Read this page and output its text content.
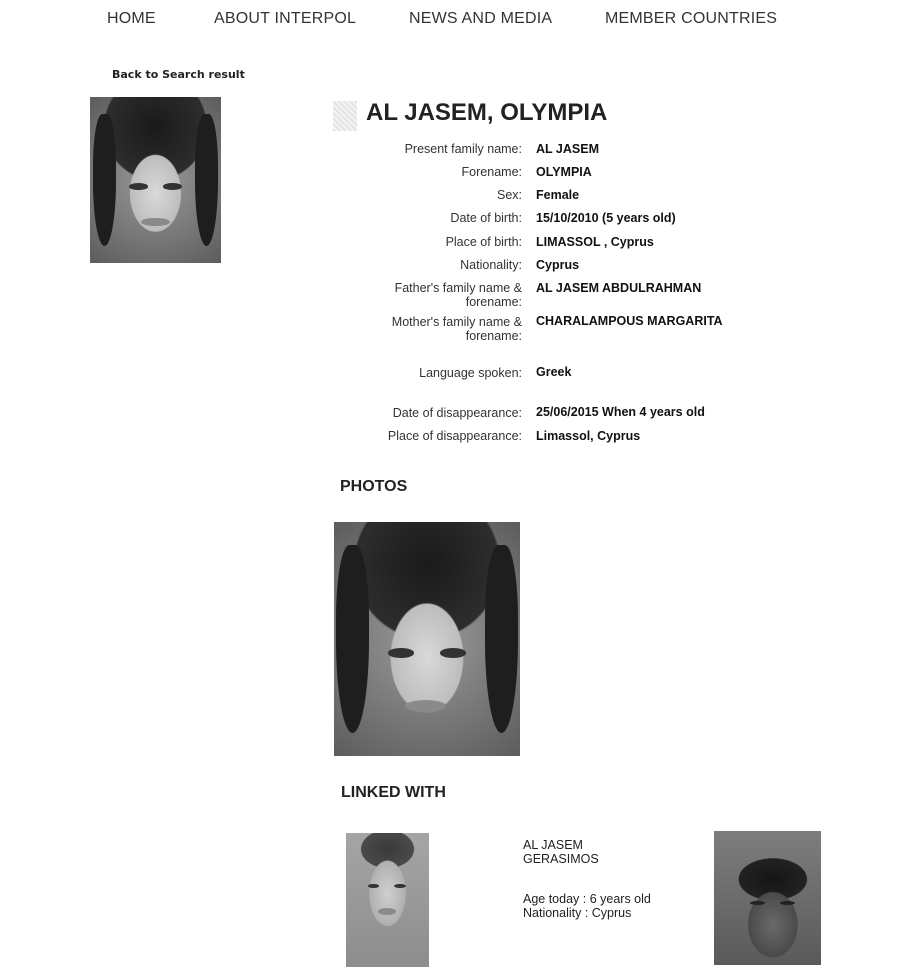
HOME	ABOUT INTERPOL	NEWS AND MEDIA	MEMBER COUNTRIES
Back to Search result
AL JASEM, OLYMPIA
Present family name: AL JASEM
Forename: OLYMPIA
Sex: Female
Date of birth: 15/10/2010 (5 years old)
Place of birth: LIMASSOL , Cyprus
Nationality: Cyprus
Father's family name & forename:
AL JASEM ABDULRAHMAN
Mother's family name & forename:
CHARALAMPOUS MARGARITA
Language spoken: Greek
Date of disappearance: 25/06/2015 When 4 years old
Place of disappearance: Limassol, Cyprus
PHOTOS
LINKED WITH
AL JASEM
GERASIMOS
Age today : 6 years old
Nationality : Cyprus
